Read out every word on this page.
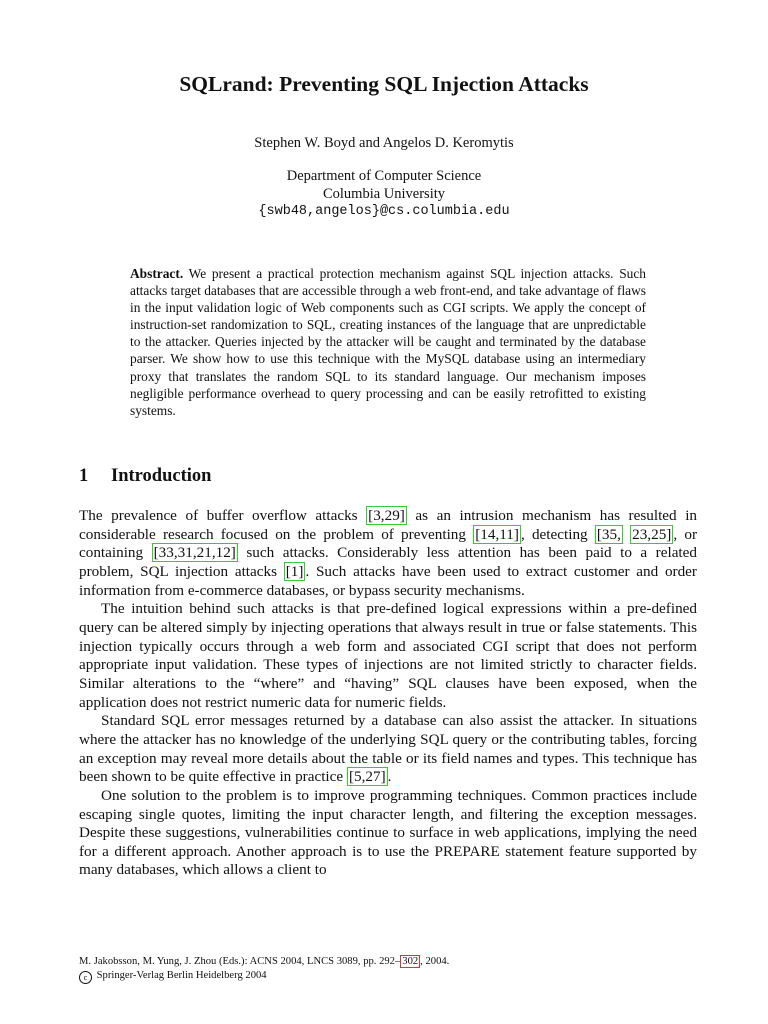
SQLrand: Preventing SQL Injection Attacks
Stephen W. Boyd and Angelos D. Keromytis
Department of Computer Science
Columbia University
{swb48,angelos}@cs.columbia.edu

Abstract. We present a practical protection mechanism against SQL injection attacks. Such attacks target databases that are accessible through a web front-end, and take advantage of flaws in the input validation logic of Web components such as CGI scripts. We apply the concept of instruction-set randomization to SQL, creating instances of the language that are unpredictable to the attacker. Queries injected by the attacker will be caught and terminated by the database parser. We show how to use this technique with the MySQL database using an intermediary proxy that translates the random SQL to its standard language. Our mechanism imposes negligible performance overhead to query processing and can be easily retrofitted to existing systems.

1 Introduction

The prevalence of buffer overflow attacks [3,29] as an intrusion mechanism has resulted in considerable research focused on the problem of preventing [14,11] , detecting [35, 23,25] , or containing [33,31,21,12] such attacks. Considerably less attention has been paid to a related problem, SQL injection attacks [1] . Such attacks have been used to extract customer and order information from e-commerce databases, or bypass security mechanisms.

The intuition behind such attacks is that pre-defined logical expressions within a pre-defined query can be altered simply by injecting operations that always result in true or false statements. This injection typically occurs through a web form and associated CGI script that does not perform appropriate input validation. These types of injections are not limited strictly to character fields. Similar alterations to the “where” and “having” SQL clauses have been exposed, when the application does not restrict numeric data for numeric fields.

Standard SQL error messages returned by a database can also assist the attacker. In situations where the attacker has no knowledge of the underlying SQL query or the contributing tables, forcing an exception may reveal more details about the table or its field names and types. This technique has been shown to be quite effective in practice [5,27] .

One solution to the problem is to improve programming techniques. Common practices include escaping single quotes, limiting the input character length, and filtering the exception messages. Despite these suggestions, vulnerabilities continue to surface in web applications, implying the need for a different approach. Another approach is to use the PREPARE statement feature supported by many databases, which allows a client to

M. Jakobsson, M. Yung, J. Zhou (Eds.): ACNS 2004, LNCS 3089, pp. 292– 302 , 2004.
c Springer-Verlag Berlin Heidelberg 2004
